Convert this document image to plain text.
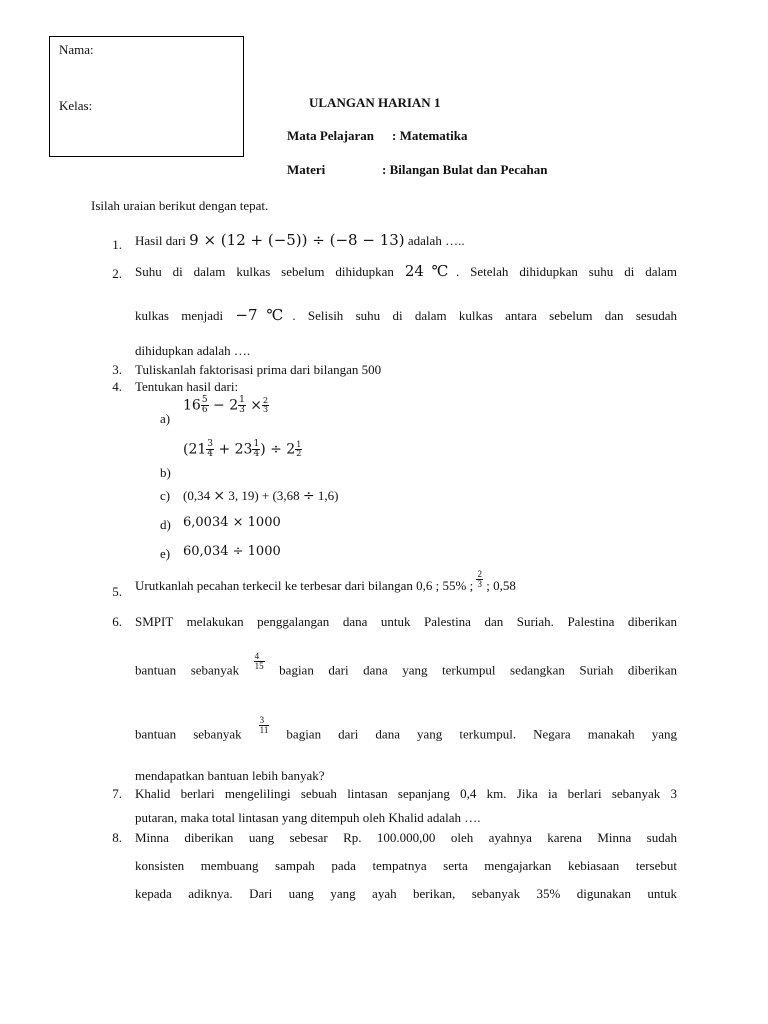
Nama:
Kelas:	ULANGAN HARIAN 1
Mata Pelajaran : Matematika
Materi	: Bilangan Bulat dan Pecahan
Isilah uraian berikut dengan tepat.
1. Hasil dari 9 × (12 + (−5)) ÷ (−8 − 13) adalah …..
2. Suhu di dalam kulkas sebelum dihidupkan 24℃. Setelah dihidupkan suhu di dalam
kulkas menjadi −7℃. Selisih suhu di dalam kulkas antara sebelum dan sesudah
dihidupkan adalah ….
3. Tuliskanlah faktorisasi prima dari bilangan 500
4. Tentukan hasil dari:
a)
$16 \frac{5}{6} - 2 \frac{1}{3} \times \frac{2}{3}$
($21 \frac{3}{4} + 23 \frac{1}{4}$ ) ÷ $2 \frac{1}{2}$
b)
c) (0,34 × 3, 19) + (3,68 ÷ 1,6)
d) 6,0034 × 1000
e) 60,034 ÷ 1000
5. Urutkanlah pecahan terkecil ke terbesar dari bilangan 0,6 ; 55% ; $\frac{2}{3}$ ; 0,58
6. SMPIT melakukan penggalangan dana untuk Palestina dan Suriah. Palestina diberikan
bantuan sebanyak $\frac{4}{15}$ bagian dari dana yang terkumpul sedangkan Suriah diberikan
bantuan sebanyak $\frac{3}{11}$ bagian dari dana yang terkumpul. Negara manakah yang
mendapatkan bantuan lebih banyak?
7. Khalid berlari mengelilingi sebuah lintasan sepanjang 0,4 km. Jika ia berlari sebanyak 3
putaran, maka total lintasan yang ditempuh oleh Khalid adalah ….
8. Minna diberikan uang sebesar Rp. 100.000,00 oleh ayahnya karena Minna sudah
konsisten membuang sampah pada tempatnya serta mengajarkan kebiasaan tersebut
kepada adiknya. Dari uang yang ayah berikan, sebanyak 35% digunakan untuk
